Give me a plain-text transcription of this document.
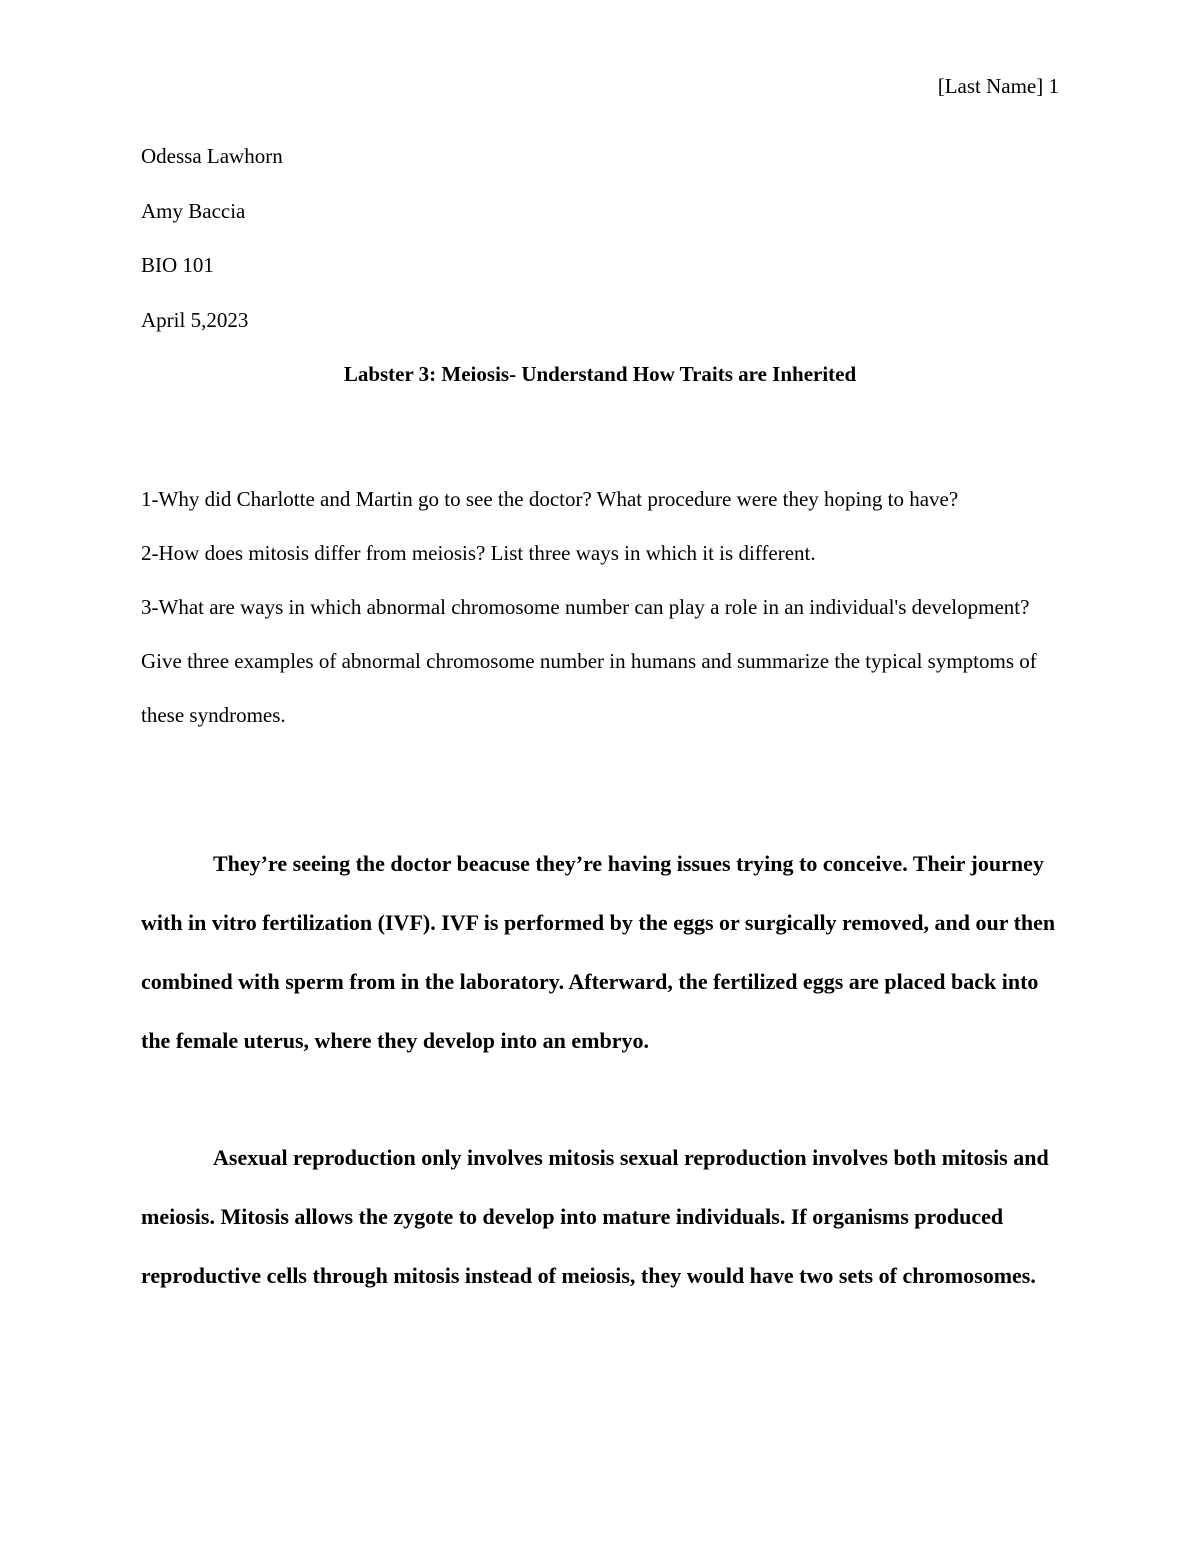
[Last Name] 1
Odessa Lawhorn
Amy Baccia
BIO 101
April 5,2023
Labster 3: Meiosis- Understand How Traits are Inherited

1-Why did Charlotte and Martin go to see the doctor? What procedure were they hoping to have?

2-How does mitosis differ from meiosis? List three ways in which it is different.

3-What are ways in which abnormal chromosome number can play a role in an individual's development? Give three examples of abnormal chromosome number in humans and summarize the typical symptoms of these syndromes.

They’re seeing the doctor beacuse they’re having issues trying to conceive. Their journey with in vitro fertilization (IVF). IVF is performed by the eggs or surgically removed, and our then combined with sperm from in the laboratory. Afterward, the fertilized eggs are placed back into the female uterus, where they develop into an embryo.

Asexual reproduction only involves mitosis sexual reproduction involves both mitosis and meiosis. Mitosis allows the zygote to develop into mature individuals. If organisms produced reproductive cells through mitosis instead of meiosis, they would have two sets of chromosomes.
